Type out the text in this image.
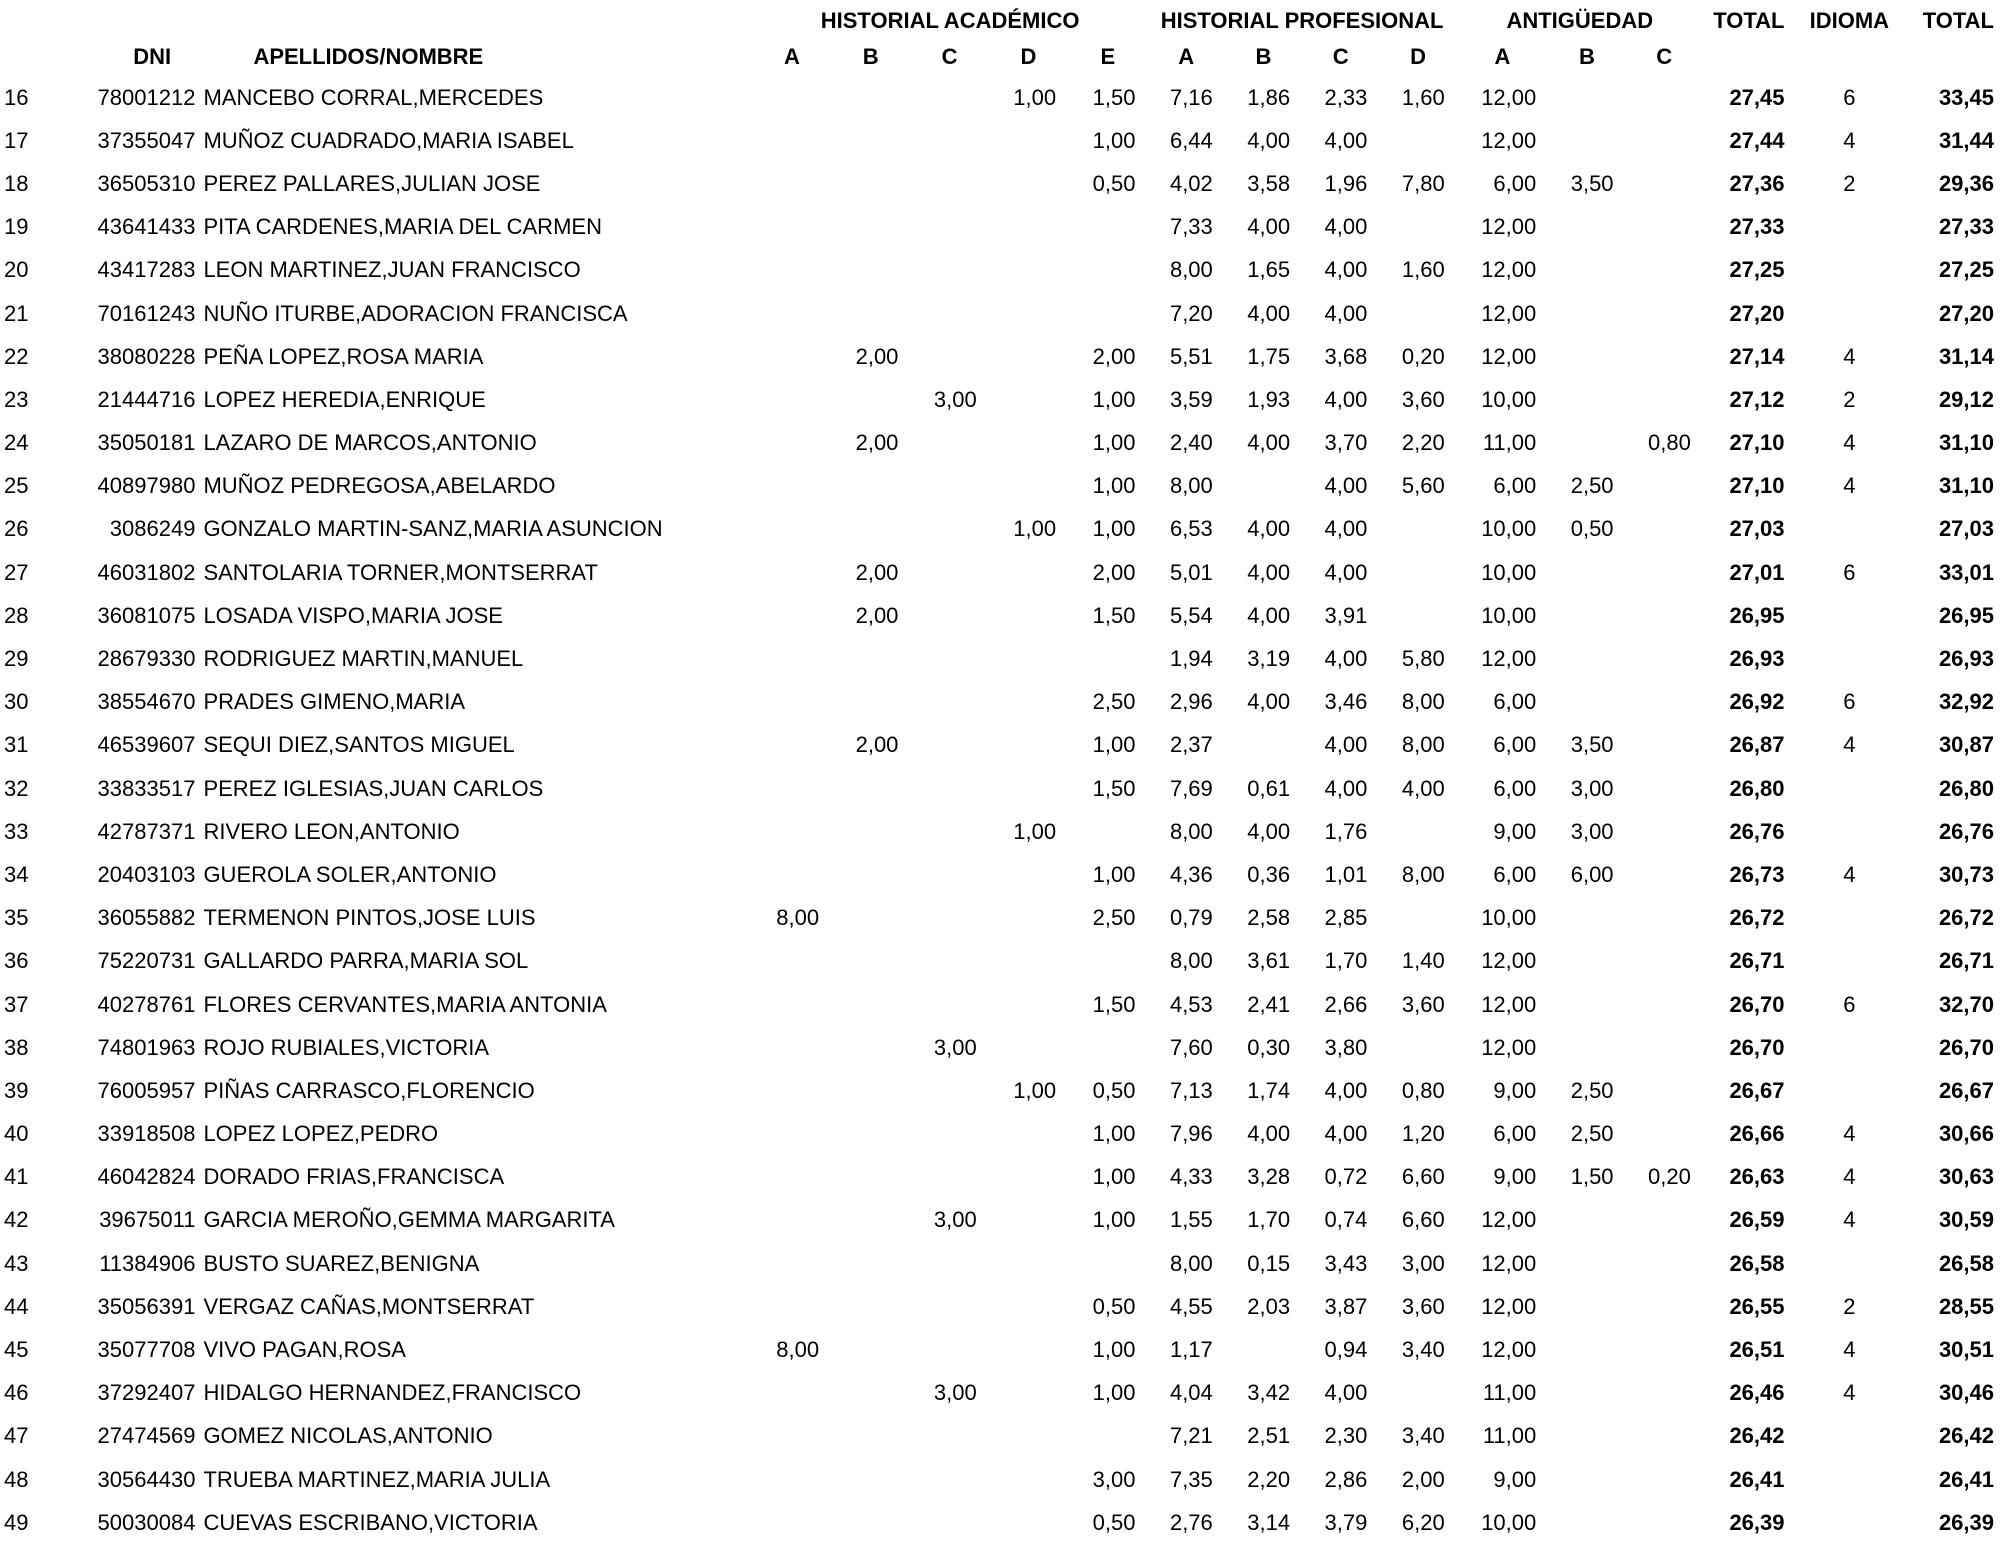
			HISTORIAL ACADÉMICO					HISTORIAL PROFESIONAL				ANTIGÜEDAD			TOTAL	IDIOMA	TOTAL
	DNI	APELLIDOS/NOMBRE	A	B	C	D	E	A	B	C	D	A	B	C			
16	78001212	MANCEBO CORRAL,MERCEDES				1,00	1,50	7,16	1,86	2,33	1,60	12,00			27,45	6	33,45
17	37355047	MUÑOZ CUADRADO,MARIA ISABEL					1,00	6,44	4,00	4,00		12,00			27,44	4	31,44
18	36505310	PEREZ PALLARES,JULIAN JOSE					0,50	4,02	3,58	1,96	7,80	6,00	3,50		27,36	2	29,36
19	43641433	PITA CARDENES,MARIA DEL CARMEN						7,33	4,00	4,00		12,00			27,33		27,33
20	43417283	LEON MARTINEZ,JUAN FRANCISCO						8,00	1,65	4,00	1,60	12,00			27,25		27,25
21	70161243	NUÑO ITURBE,ADORACION FRANCISCA						7,20	4,00	4,00		12,00			27,20		27,20
22	38080228	PEÑA LOPEZ,ROSA MARIA		2,00			2,00	5,51	1,75	3,68	0,20	12,00			27,14	4	31,14
23	21444716	LOPEZ HEREDIA,ENRIQUE			3,00		1,00	3,59	1,93	4,00	3,60	10,00			27,12	2	29,12
24	35050181	LAZARO DE MARCOS,ANTONIO		2,00			1,00	2,40	4,00	3,70	2,20	11,00		0,80	27,10	4	31,10
25	40897980	MUÑOZ PEDREGOSA,ABELARDO					1,00	8,00		4,00	5,60	6,00	2,50		27,10	4	31,10
26	3086249	GONZALO MARTIN-SANZ,MARIA ASUNCION				1,00	1,00	6,53	4,00	4,00		10,00	0,50		27,03		27,03
27	46031802	SANTOLARIA TORNER,MONTSERRAT		2,00			2,00	5,01	4,00	4,00		10,00			27,01	6	33,01
28	36081075	LOSADA VISPO,MARIA JOSE		2,00			1,50	5,54	4,00	3,91		10,00			26,95		26,95
29	28679330	RODRIGUEZ MARTIN,MANUEL						1,94	3,19	4,00	5,80	12,00			26,93		26,93
30	38554670	PRADES GIMENO,MARIA					2,50	2,96	4,00	3,46	8,00	6,00			26,92	6	32,92
31	46539607	SEQUI DIEZ,SANTOS MIGUEL		2,00			1,00	2,37		4,00	8,00	6,00	3,50		26,87	4	30,87
32	33833517	PEREZ IGLESIAS,JUAN CARLOS					1,50	7,69	0,61	4,00	4,00	6,00	3,00		26,80		26,80
33	42787371	RIVERO LEON,ANTONIO				1,00		8,00	4,00	1,76		9,00	3,00		26,76		26,76
34	20403103	GUEROLA SOLER,ANTONIO					1,00	4,36	0,36	1,01	8,00	6,00	6,00		26,73	4	30,73
35	36055882	TERMENON PINTOS,JOSE LUIS	8,00				2,50	0,79	2,58	2,85		10,00			26,72		26,72
36	75220731	GALLARDO PARRA,MARIA SOL						8,00	3,61	1,70	1,40	12,00			26,71		26,71
37	40278761	FLORES CERVANTES,MARIA ANTONIA					1,50	4,53	2,41	2,66	3,60	12,00			26,70	6	32,70
38	74801963	ROJO RUBIALES,VICTORIA			3,00			7,60	0,30	3,80		12,00			26,70		26,70
39	76005957	PIÑAS CARRASCO,FLORENCIO				1,00	0,50	7,13	1,74	4,00	0,80	9,00	2,50		26,67		26,67
40	33918508	LOPEZ LOPEZ,PEDRO					1,00	7,96	4,00	4,00	1,20	6,00	2,50		26,66	4	30,66
41	46042824	DORADO FRIAS,FRANCISCA					1,00	4,33	3,28	0,72	6,60	9,00	1,50	0,20	26,63	4	30,63
42	39675011	GARCIA MEROÑO,GEMMA MARGARITA			3,00		1,00	1,55	1,70	0,74	6,60	12,00			26,59	4	30,59
43	11384906	BUSTO SUAREZ,BENIGNA						8,00	0,15	3,43	3,00	12,00			26,58		26,58
44	35056391	VERGAZ CAÑAS,MONTSERRAT					0,50	4,55	2,03	3,87	3,60	12,00			26,55	2	28,55
45	35077708	VIVO PAGAN,ROSA	8,00				1,00	1,17		0,94	3,40	12,00			26,51	4	30,51
46	37292407	HIDALGO HERNANDEZ,FRANCISCO			3,00		1,00	4,04	3,42	4,00		11,00			26,46	4	30,46
47	27474569	GOMEZ NICOLAS,ANTONIO						7,21	2,51	2,30	3,40	11,00			26,42		26,42
48	30564430	TRUEBA MARTINEZ,MARIA JULIA					3,00	7,35	2,20	2,86	2,00	9,00			26,41		26,41
49	50030084	CUEVAS ESCRIBANO,VICTORIA					0,50	2,76	3,14	3,79	6,20	10,00			26,39		26,39
